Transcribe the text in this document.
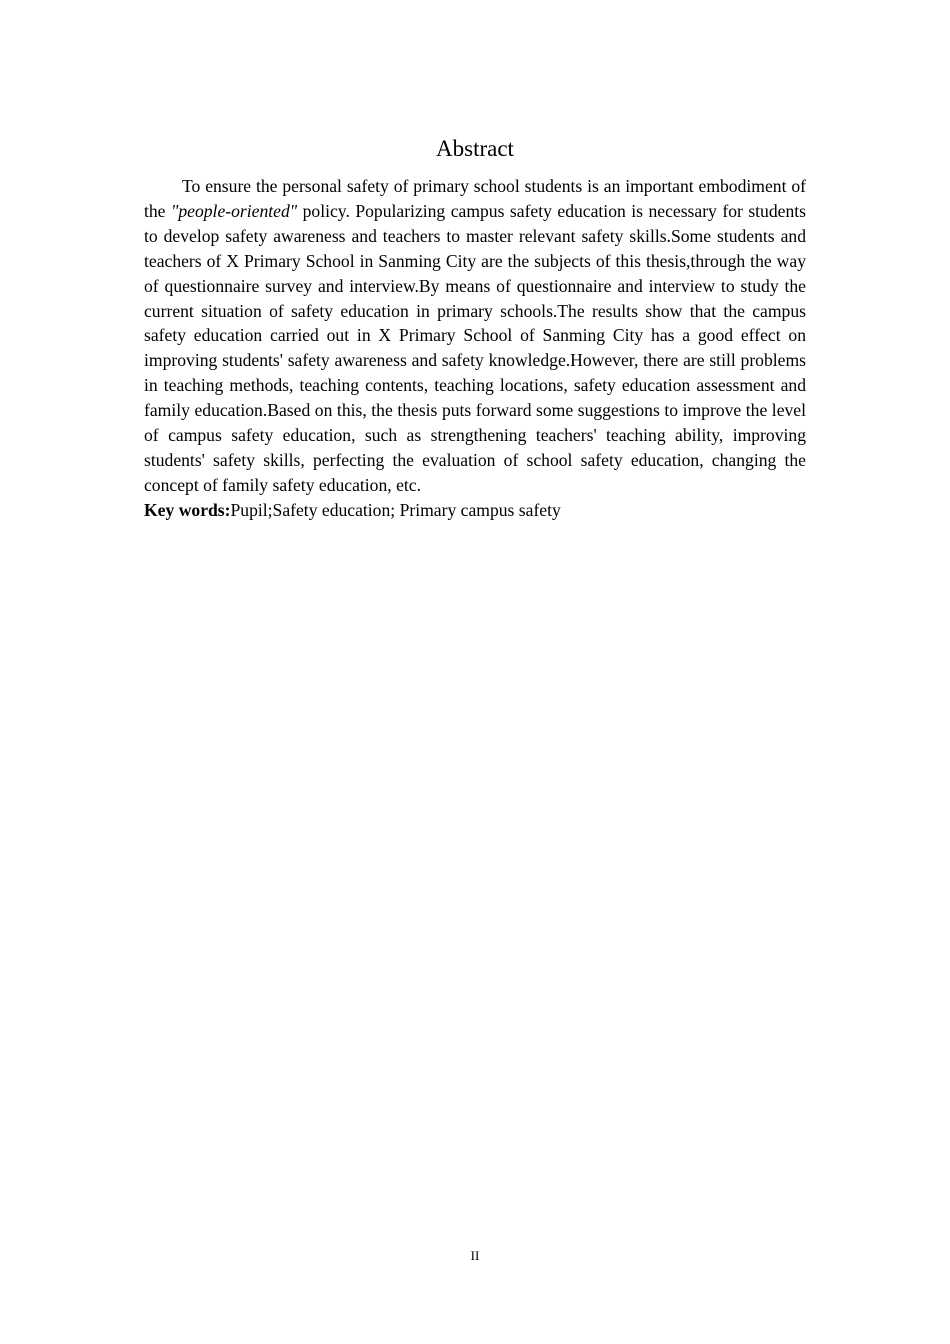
Abstract

To ensure the personal safety of primary school students is an important embodiment of the "people-oriented" policy. Popularizing campus safety education is necessary for students to develop safety awareness and teachers to master relevant safety skills.Some students and teachers of X Primary School in Sanming City are the subjects of this thesis,through the way of questionnaire survey and interview.By means of questionnaire and interview to study the current situation of safety education in primary schools.The results show that the campus safety education carried out in X Primary School of Sanming City has a good effect on improving students' safety awareness and safety knowledge.However, there are still problems in teaching methods, teaching contents, teaching locations, safety education assessment and family education.Based on this, the thesis puts forward some suggestions to improve the level of campus safety education, such as strengthening teachers' teaching ability, improving students' safety skills, perfecting the evaluation of school safety education, changing the concept of family safety education, etc.

Key words:Pupil;Safety education; Primary campus safety

II
